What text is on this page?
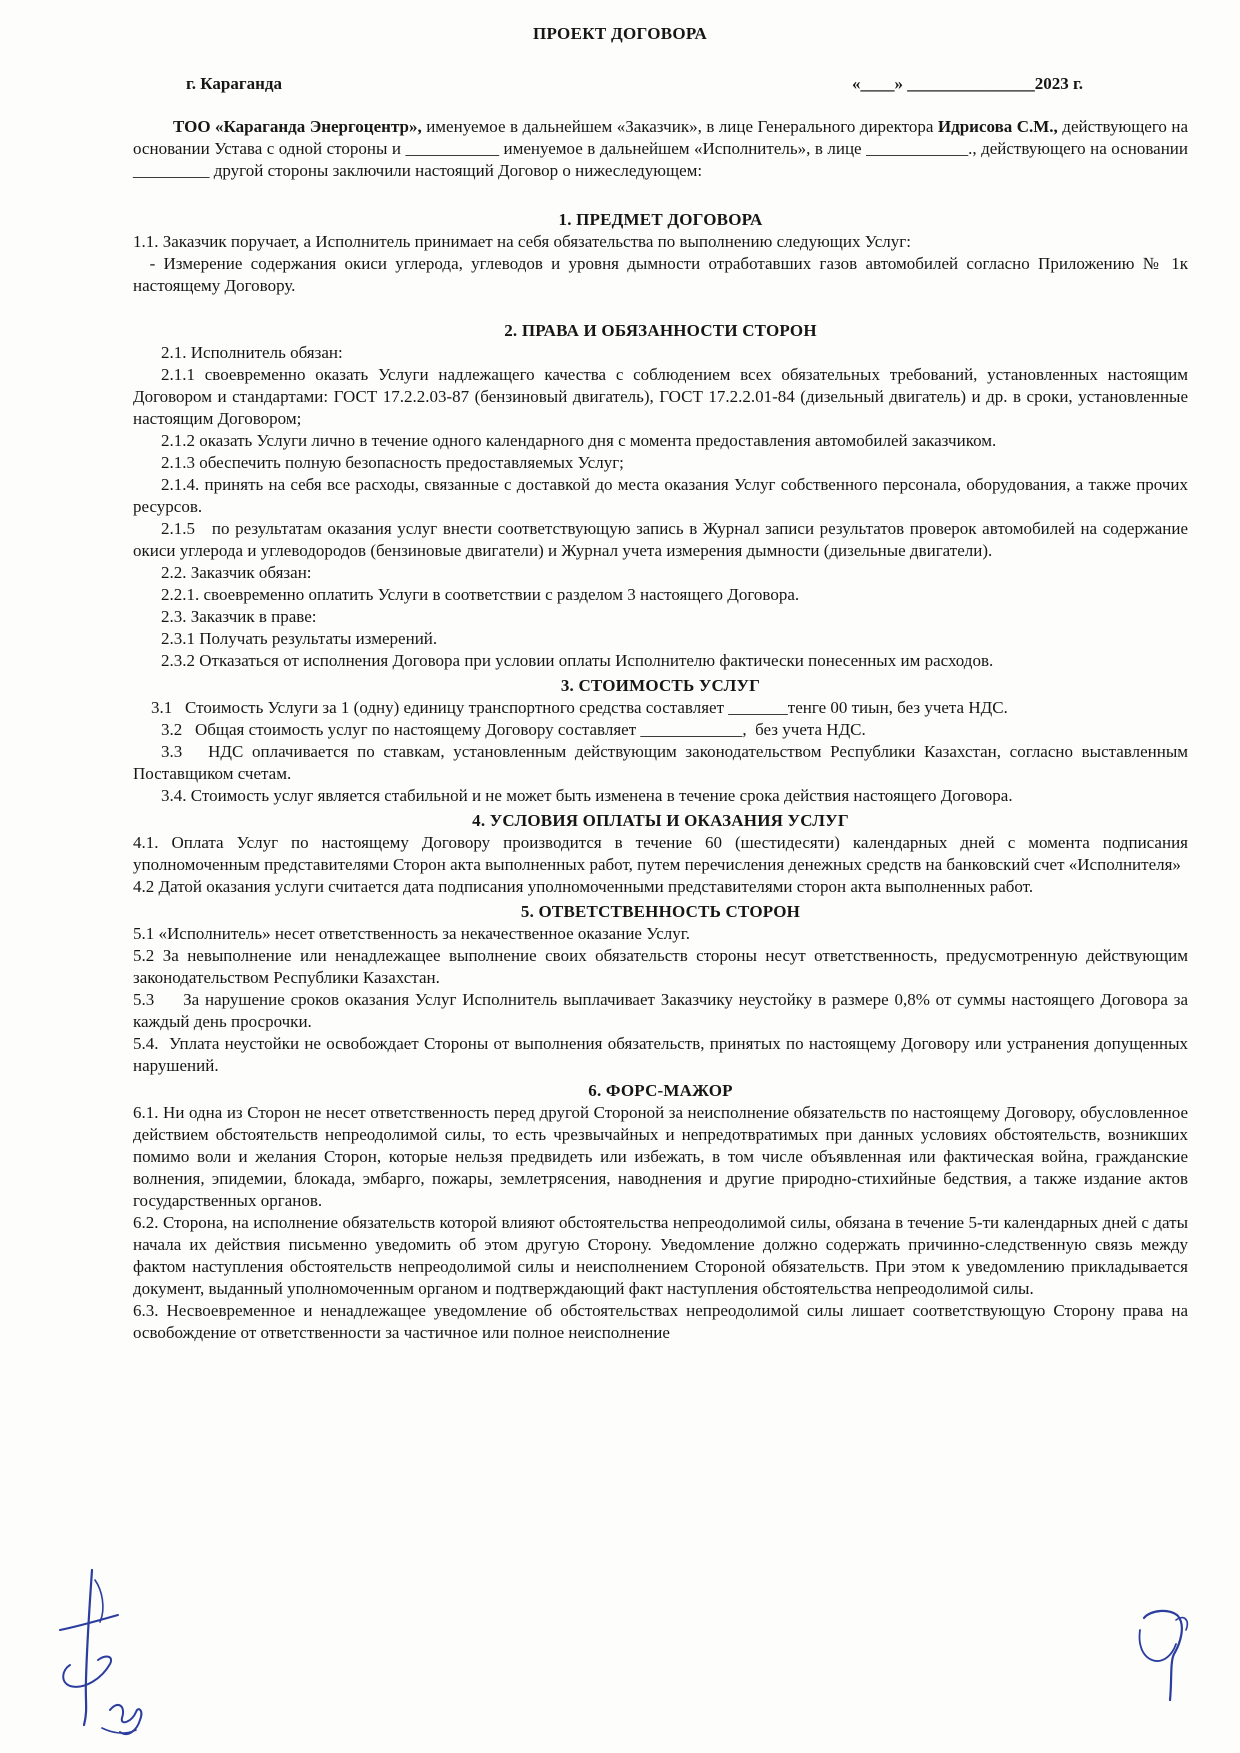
ПРОЕКТ ДОГОВОРА
г. Караганда	«____» _______________2023 г.

ТОО «Караганда Энергоцентр», именуемое в дальнейшем «Заказчик», в лице Генерального директора Идрисова С.М., действующего на основании Устава с одной стороны и ___________ именуемое в дальнейшем «Исполнитель», в лице ____________., действующего на основании _________ другой стороны заключили настоящий Договор о нижеследующем:

1. ПРЕДМЕТ ДОГОВОРА

1.1. Заказчик поручает, а Исполнитель принимает на себя обязательства по выполнению следующих Услуг:

- Измерение содержания окиси углерода, углеводов и уровня дымности отработавших газов автомобилей согласно Приложению № 1к настоящему Договору.

2. ПРАВА И ОБЯЗАННОСТИ СТОРОН

2.1. Исполнитель обязан:

2.1.1 своевременно оказать Услуги надлежащего качества с соблюдением всех обязательных требований, установленных настоящим Договором и стандартами: ГОСТ 17.2.2.03-87 (бензиновый двигатель), ГОСТ 17.2.2.01-84 (дизельный двигатель) и др. в сроки, установленные настоящим Договором;

2.1.2 оказать Услуги лично в течение одного календарного дня с момента предоставления автомобилей заказчиком.

2.1.3 обеспечить полную безопасность предоставляемых Услуг;

2.1.4. принять на себя все расходы, связанные с доставкой до места оказания Услуг собственного персонала, оборудования, а также прочих ресурсов.

2.1.5   по результатам оказания услуг внести соответствующую запись в Журнал записи результатов проверок автомобилей на содержание окиси углерода и углеводородов (бензиновые двигатели) и Журнал учета измерения дымности (дизельные двигатели).

2.2. Заказчик обязан:

2.2.1. своевременно оплатить Услуги в соответствии с разделом 3 настоящего Договора.

2.3. Заказчик в праве:

2.3.1 Получать результаты измерений.

2.3.2 Отказаться от исполнения Договора при условии оплаты Исполнителю фактически понесенных им расходов.

3. СТОИМОСТЬ УСЛУГ

3.1   Стоимость Услуги за 1 (одну) единицу транспортного средства составляет _______тенге 00 тиын, без учета НДС.

3.2   Общая стоимость услуг по настоящему Договору составляет ____________,  без учета НДС.

3.3   НДС оплачивается по ставкам, установленным действующим законодательством Республики Казахстан, согласно выставленным Поставщиком счетам.

3.4. Стоимость услуг является стабильной и не может быть изменена в течение срока действия настоящего Договора.

4. УСЛОВИЯ ОПЛАТЫ И ОКАЗАНИЯ УСЛУГ

4.1. Оплата Услуг по настоящему Договору производится в течение 60 (шестидесяти) календарных дней с момента подписания уполномоченным представителями Сторон акта выполненных работ, путем перечисления денежных средств на банковский счет «Исполнителя»

4.2 Датой оказания услуги считается дата подписания уполномоченными представителями сторон акта выполненных работ.

5. ОТВЕТСТВЕННОСТЬ СТОРОН

5.1 «Исполнитель» несет ответственность за некачественное оказание Услуг.

5.2 За невыполнение или ненадлежащее выполнение своих обязательств стороны несут ответственность, предусмотренную действующим законодательством Республики Казахстан.

5.3     За нарушение сроков оказания Услуг Исполнитель выплачивает Заказчику неустойку в размере 0,8% от суммы настоящего Договора за каждый день просрочки.

5.4.  Уплата неустойки не освобождает Стороны от выполнения обязательств, принятых по настоящему Договору или устранения допущенных нарушений.

6. ФОРС-МАЖОР

6.1. Ни одна из Сторон не несет ответственность перед другой Стороной за неисполнение обязательств по настоящему Договору, обусловленное действием обстоятельств непреодолимой силы, то есть чрезвычайных и непредотвратимых при данных условиях обстоятельств, возникших помимо воли и желания Сторон, которые нельзя предвидеть или избежать, в том числе объявленная или фактическая война, гражданские волнения, эпидемии, блокада, эмбарго, пожары, землетрясения, наводнения и другие природно-стихийные бедствия, а также издание актов государственных органов.

6.2. Сторона, на исполнение обязательств которой влияют обстоятельства непреодолимой силы, обязана в течение 5-ти календарных дней с даты начала их действия письменно уведомить об этом другую Сторону. Уведомление должно содержать причинно-следственную связь между фактом наступления обстоятельств непреодолимой силы и неисполнением Стороной обязательств. При этом к уведомлению прикладывается документ, выданный уполномоченным органом и подтверждающий факт наступления обстоятельства непреодолимой силы.

6.3. Несвоевременное и ненадлежащее уведомление об обстоятельствах непреодолимой силы лишает соответствующую Сторону права на освобождение от ответственности за частичное или полное неисполнение
